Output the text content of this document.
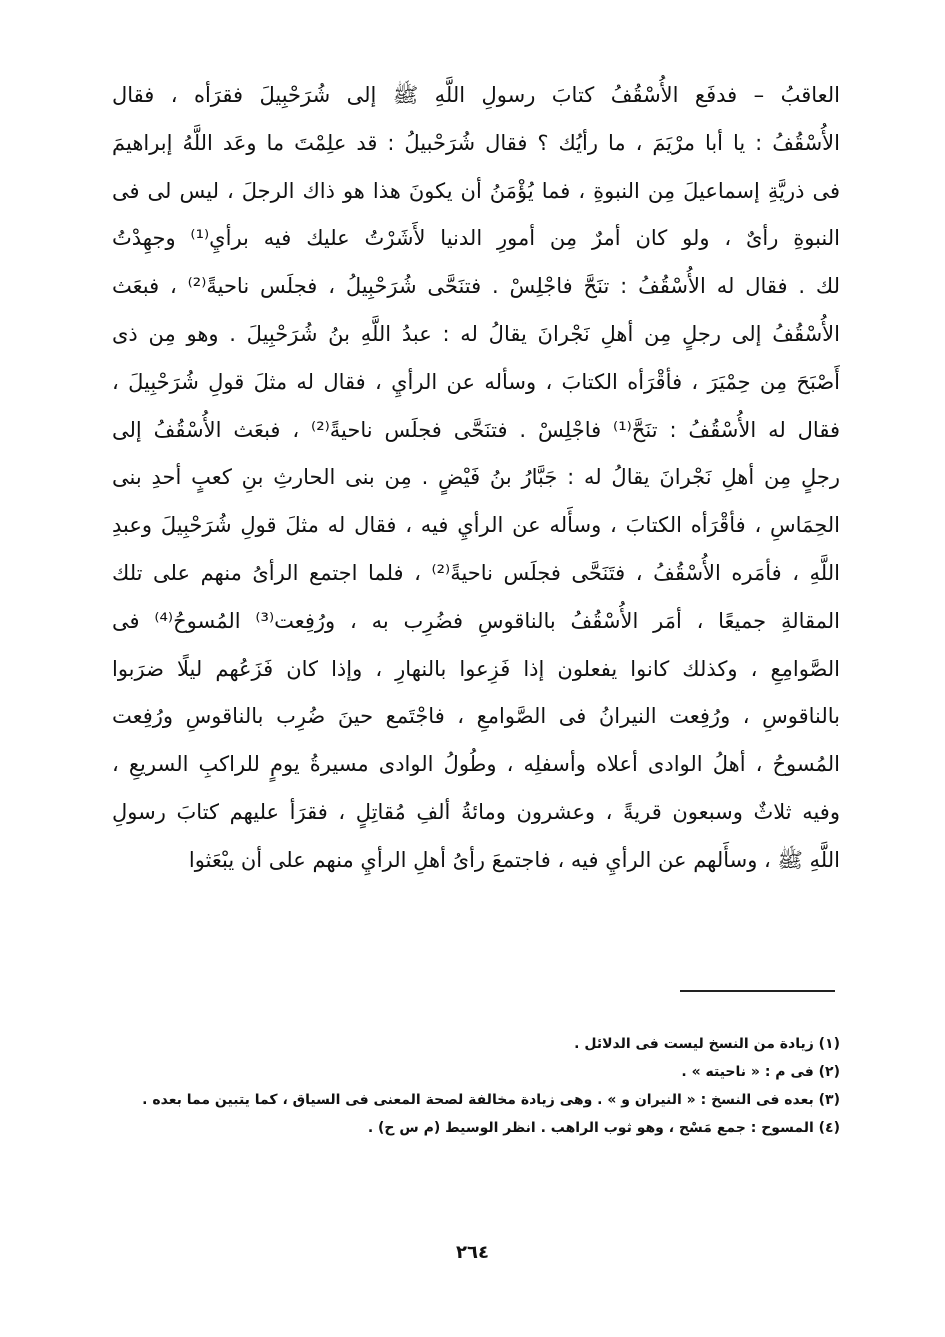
العاقبُ – فدفَع الأُسْقُفُ كتابَ رسولِ اللَّهِ ﷺ إلى شُرَحْبِيلَ فقرَأه ، فقال
الأُسْقُفُ : يا أبا مرْيَمَ ، ما رأيُك ؟ فقال شُرَحْبيلُ : قد علِمْتَ ما وعَد اللَّهُ إبراهيمَ
فى ذريَّةِ إسماعيلَ مِن النبوةِ ، فما يُؤْمَنُ أن يكونَ هذا هو ذاك الرجلَ ، ليس لى فى
النبوةِ رأىٌ ، ولو كان أمرٌ مِن أمورِ الدنيا لأَشَرْتُ عليك فيه برأيِ⁽¹⁾ وجهِدْتُ
لك . فقال له الأُسْقُفُ : تنَحَّ فاجْلِسْ . فتنَحَّى شُرَحْبِيلُ ، فجلَس ناحيةً⁽²⁾ ، فبعَث
الأُسْقُفُ إلى رجلٍ مِن أهلِ نَجْرانَ يقالُ له : عبدُ اللَّهِ بنُ شُرَحْبِيلَ . وهو مِن ذى
أَصْبَحَ مِن حِمْيَرَ ، فأقْرَأه الكتابَ ، وسأله عن الرأيِ ، فقال له مثلَ قولِ شُرَحْبِيلَ ،
فقال له الأُسْقُفُ : تنَحَّ⁽¹⁾ فاجْلِسْ . فتنَحَّى فجلَس ناحيةً⁽²⁾ ، فبعَث الأُسْقُفُ إلى
رجلٍ مِن أهلِ نَجْرانَ يقالُ له : جَبَّارُ بنُ فَيْضٍ . مِن بنى الحارثِ بنِ كعبٍ أحدِ بنى
الحِمَاسِ ، فأقْرَأه الكتابَ ، وسأَله عن الرأيِ فيه ، فقال له مثلَ قولِ شُرَحْبِيلَ وعبدِ
اللَّهِ ، فأمَره الأُسْقُفُ ، فتَنَحَّى فجلَس ناحيةً⁽²⁾ ، فلما اجتمع الرأىُ منهم على تلك
المقالةِ جميعًا ، أمَر الأُسْقُفُ بالناقوسِ فضُرِب به ، ورُفِعت⁽³⁾ المُسوحُ⁽⁴⁾ فى
الصَّوامِعِ ، وكذلك كانوا يفعلون إذا فَزِعوا بالنهارِ ، وإذا كان فَزَعُهم ليلًا ضرَبوا
بالناقوسِ ، ورُفِعت النيرانُ فى الصَّوامعِ ، فاجْتَمع حينَ ضُرِب بالناقوسِ ورُفِعت
المُسوحُ ، أهلُ الوادى أعلاه وأسفلِه ، وطُولُ الوادى مسيرةُ يومٍ للراكبِ السريعِ ،
وفيه ثلاثٌ وسبعون قريةً ، وعشرون ومائةُ ألفِ مُقاتِلٍ ، فقرَأ عليهم كتابَ رسولِ
اللَّهِ ﷺ ، وسأَلهم عن الرأيِ فيه ، فاجتمعَ رأىُ أهلِ الرأيِ منهم على أن يبْعَثوا
(١) زيادة من النسخ ليست فى الدلائل .
(٢) فى م : « ناحيته » .
(٣) بعده فى النسخ : « النيران و » . وهى زيادة مخالفة لصحة المعنى فى السياق ، كما يتبين مما بعده .
(٤) المسوح : جمع مَسْح ، وهو ثوب الراهب . انظر الوسيط (م س ح) .
٢٦٤
